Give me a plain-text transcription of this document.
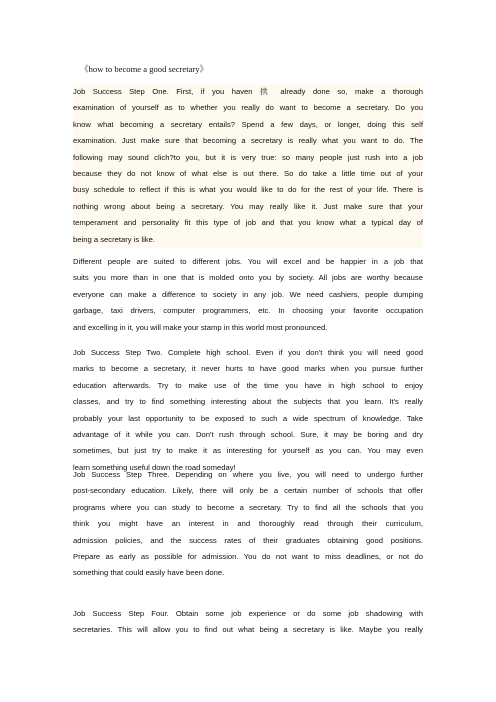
《how to become a good secretary》
Job Success Step One. First, if you haven 拱 already done so, make a thorough
examination of yourself as to whether you really do want to become a secretary. Do you
know what becoming a secretary entails? Spend a few days, or longer, doing this self
examination. Just make sure that becoming a secretary is really what you want to do. The
following may sound clich?to you, but it is very true: so many people just rush into a job
because they do not know of what else is out there. So do take a little time out of your
busy schedule to reflect if this is what you would like to do for the rest of your life. There is
nothing wrong about being a secretary. You may really like it. Just make sure that your
temperament and personality fit this type of job and that you know what a typical day of
being a secretary is like.
Different people are suited to different jobs. You will excel and be happier in a job that
suits you more than in one that is molded onto you by society. All jobs are worthy because
everyone can make a difference to society in any job. We need cashiers, people dumping
garbage, taxi drivers, computer programmers, etc. In choosing your favorite occupation
and excelling in it, you will make your stamp in this world most pronounced.
Job Success Step Two. Complete high school. Even if you don't think you will need good
marks to become a secretary, it never hurts to have good marks when you pursue further
education afterwards. Try to make use of the time you have in high school to enjoy
classes, and try to find something interesting about the subjects that you learn. It's really
probably your last opportunity to be exposed to such a wide spectrum of knowledge. Take
advantage of it while you can. Don't rush through school. Sure, it may be boring and dry
sometimes, but just try to make it as interesting for yourself as you can. You may even
learn something useful down the road someday!
Job Success Step Three. Depending on where you live, you will need to undergo further
post-secondary education. Likely, there will only be a certain number of schools that offer
programs where you can study to become a secretary. Try to find all the schools that you
think you might have an interest in and thoroughly read through their curriculum,
admission policies, and the success rates of their graduates obtaining good positions.
Prepare as early as possible for admission. You do not want to miss deadlines, or not do
something that could easily have been done.
Job Success Step Four. Obtain some job experience or do some job shadowing with
secretaries. This will allow you to find out what being a secretary is like. Maybe you really
